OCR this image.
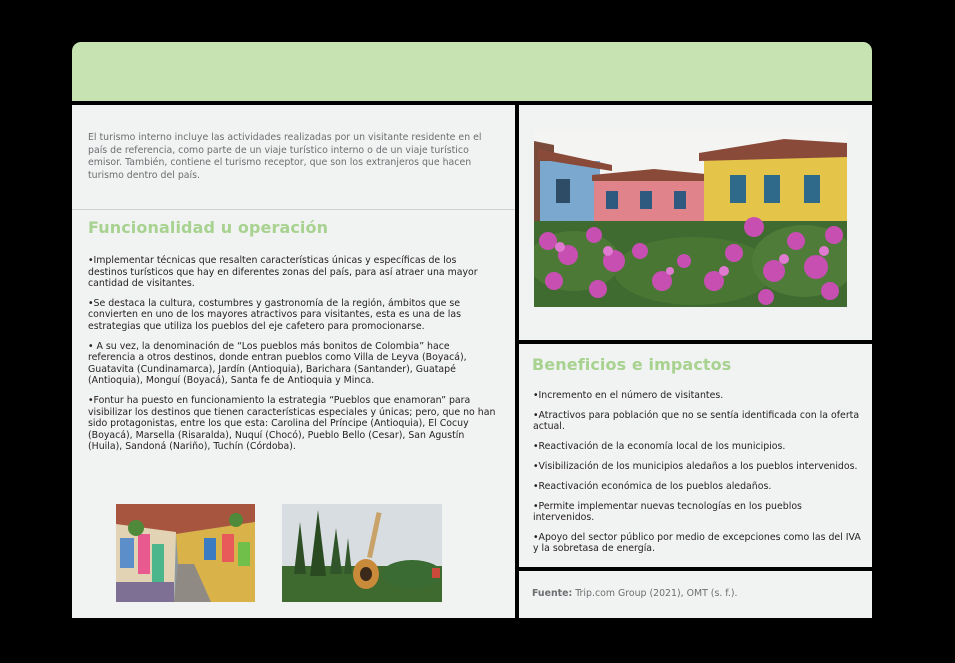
El turismo interno incluye las actividades realizadas por un visitante residente en el país de referencia, como parte de un viaje turístico interno o de un viaje turístico emisor. También, contiene el turismo receptor, que son los extranjeros que hacen turismo dentro del país.

Funcionalidad u operación

•Implementar técnicas que resalten características únicas y específicas de los destinos turísticos que hay en diferentes zonas del país, para así atraer una mayor cantidad de visitantes.

•Se destaca la cultura, costumbres y gastronomía de la región, ámbitos que se convierten en uno de los mayores atractivos para visitantes, esta es una de las estrategias que utiliza los pueblos del eje cafetero para promocionarse.

• A su vez, la denominación de “Los pueblos más bonitos de Colombia” hace referencia a otros destinos, donde entran pueblos como Villa de Leyva (Boyacá), Guatavita (Cundinamarca), Jardín (Antioquia), Barichara (Santander), Guatapé (Antioquia), Monguí (Boyacá), Santa fe de Antioquia y Minca.

•Fontur ha puesto en funcionamiento la estrategia “Pueblos que enamoran” para visibilizar los destinos que tienen características especiales y únicas; pero, que no han sido protagonistas, entre los que esta: Carolina del Príncipe (Antioquia), El Cocuy (Boyacá), Marsella (Risaralda), Nuquí (Chocó), Pueblo Bello (Cesar), San Agustín (Huila), Sandoná (Nariño), Tuchín (Córdoba).

Beneficios e impactos

•Incremento en el número de visitantes.

•Atractivos para población que no se sentía identificada con la oferta actual.

•Reactivación de la economía local de los municipios.

•Visibilización de los municipios aledaños a los pueblos intervenidos.

•Reactivación económica de los pueblos aledaños.

•Permite implementar nuevas tecnologías en los pueblos intervenidos.

•Apoyo del sector público por medio de excepciones como las del IVA y la sobretasa de energía.

Fuente: Trip.com Group (2021), OMT (s. f.).
